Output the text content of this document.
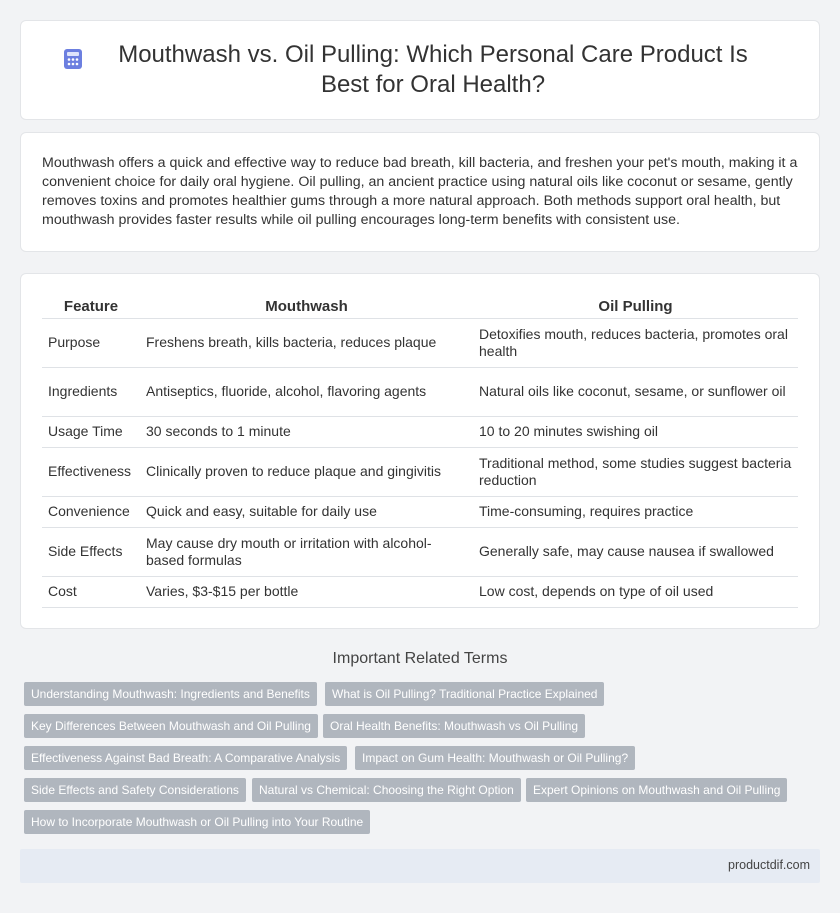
Mouthwash vs. Oil Pulling: Which Personal Care Product Is Best for Oral Health?

Mouthwash offers a quick and effective way to reduce bad breath, kill bacteria, and freshen your pet's mouth, making it a convenient choice for daily oral hygiene. Oil pulling, an ancient practice using natural oils like coconut or sesame, gently removes toxins and promotes healthier gums through a more natural approach. Both methods support oral health, but mouthwash provides faster results while oil pulling encourages long-term benefits with consistent use.

Feature	Mouthwash	Oil Pulling
Purpose	Freshens breath, kills bacteria, reduces plaque	Detoxifies mouth, reduces bacteria, promotes oral health
Ingredients	Antiseptics, fluoride, alcohol, flavoring agents	Natural oils like coconut, sesame, or sunflower oil
Usage Time	30 seconds to 1 minute	10 to 20 minutes swishing oil
Effectiveness	Clinically proven to reduce plaque and gingivitis	Traditional method, some studies suggest bacteria reduction
Convenience	Quick and easy, suitable for daily use	Time-consuming, requires practice
Side Effects	May cause dry mouth or irritation with alcohol-based formulas	Generally safe, may cause nausea if swallowed
Cost	Varies, $3-$15 per bottle	Low cost, depends on type of oil used
Important Related Terms
Understanding Mouthwash: Ingredients and Benefits	What is Oil Pulling? Traditional Practice Explained
Key Differences Between Mouthwash and Oil Pulling	Oral Health Benefits: Mouthwash vs Oil Pulling
Effectiveness Against Bad Breath: A Comparative Analysis	Impact on Gum Health: Mouthwash or Oil Pulling?
Side Effects and Safety Considerations	Natural vs Chemical: Choosing the Right Option	Expert Opinions on Mouthwash and Oil Pulling
How to Incorporate Mouthwash or Oil Pulling into Your Routine
productdif.com
